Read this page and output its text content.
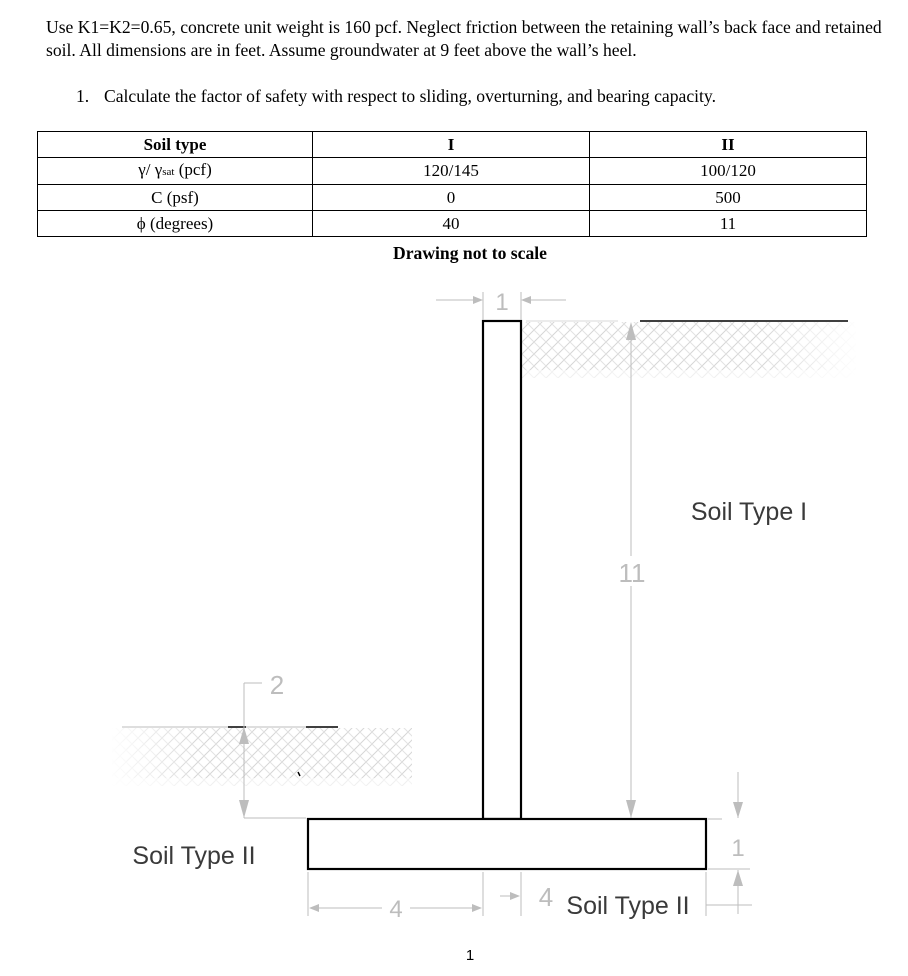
Use K1=K2=0.65, concrete unit weight is 160 pcf. Neglect friction between the retaining wall’s back face and retained soil. All dimensions are in feet. Assume groundwater at 9 feet above the wall’s heel.
1. Calculate the factor of safety with respect to sliding, overturning, and bearing capacity.
Soil type	I	II
γ/ γsat (pcf)	120/145	100/120
C (psf)	0	500
ϕ (degrees)	40	11
Drawing not to scale
1
11
2
1
4	4
Soil Type I
Soil Type II
Soil Type II
1
